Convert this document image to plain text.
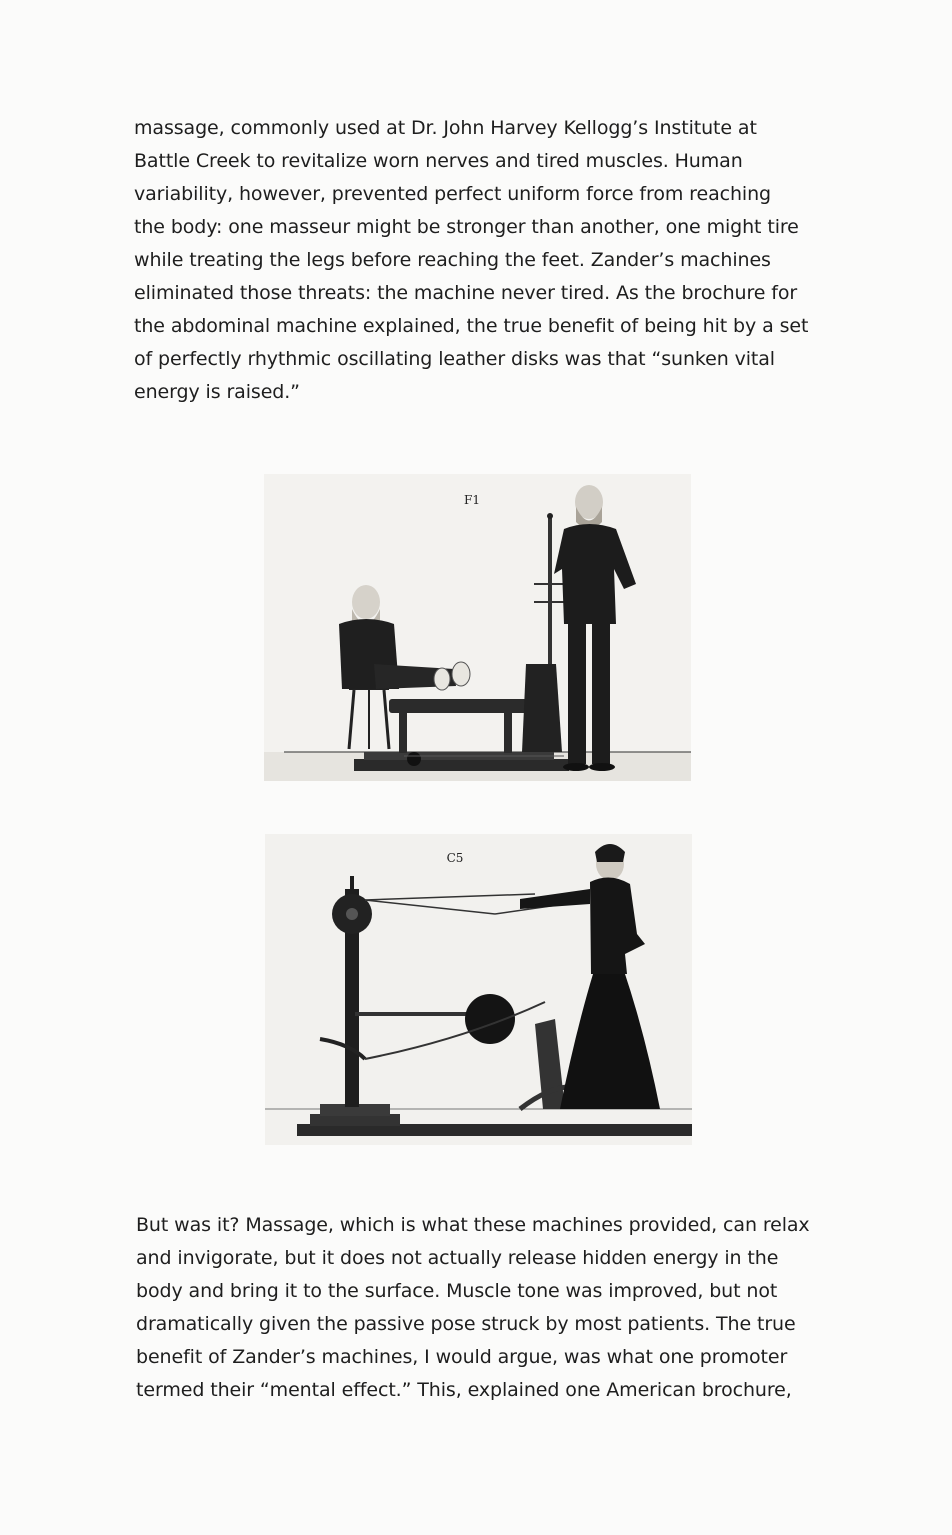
massage, commonly used at Dr. John Harvey Kellogg’s Institute at
Battle Creek to revitalize worn nerves and tired muscles. Human
variability, however, prevented perfect uniform force from reaching
the body: one masseur might be stronger than another, one might tire
while treating the legs before reaching the feet. Zander’s machines
eliminated those threats: the machine never tired. As the brochure for
the abdominal machine explained, the true benefit of being hit by a set
of perfectly rhythmic oscillating leather disks was that “sunken vital
energy is raised.”

F1
C5

But was it? Massage, which is what these machines provided, can relax
and invigorate, but it does not actually release hidden energy in the
body and bring it to the surface. Muscle tone was improved, but not
dramatically given the passive pose struck by most patients. The true
benefit of Zander’s machines, I would argue, was what one promoter
termed their “mental effect.” This, explained one American brochure,
